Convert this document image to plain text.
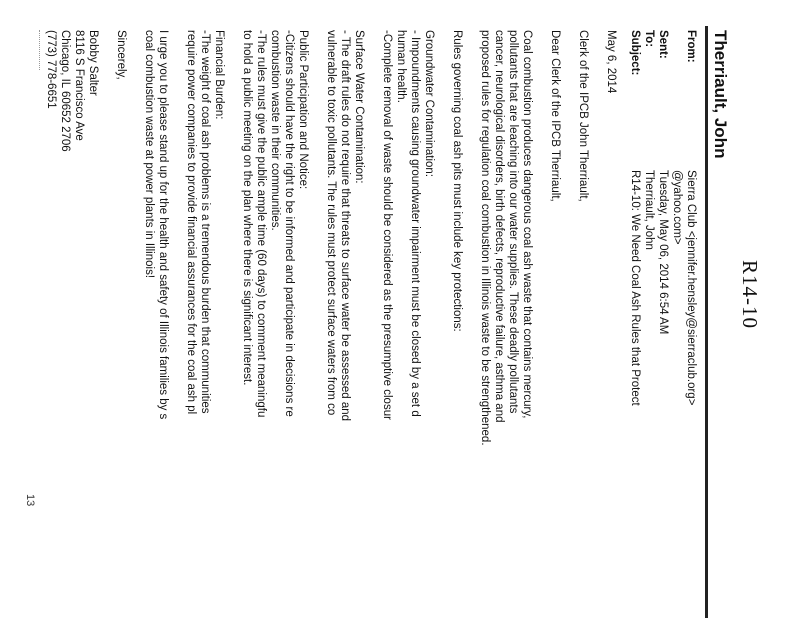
R14-10
Therriault, John
From:
Sierra Club <jennifer.hensley@sierraclub.org>
@yahoo.com>
Sent:
Tuesday, May 06, 2014 6:54 AM
To:
Therriault, John
Subject:
R14-10: We Need Coal Ash Rules that Protect

May 6, 2014

Clerk of the IPCB John Therriault,

Dear Clerk of the IPCB Therriault,

Coal combustion produces dangerous coal ash waste that contains mercury,
pollutants that are leaching into our water supplies. These deadly pollutants
cancer, neurological disorders, birth defects, reproductive failure, asthma and
proposed rules for regulation coal combustion in Illinois waste to be strengthened.

Rules governing coal ash pits must include key protections:

Groundwater Contamination:
- Impoundments causing groundwater impairment must be closed by a set d
human health.
-Complete removal of waste should be considered as the presumptive closur

Surface Water Contamination:
- The draft rules do not require that threats to surface water be assessed and
vulnerable to toxic pollutants. The rules must protect surface waters from co

Public Participation and Notice:
-Citizens should have the right to be informed and participate in decisions re
combustion waste in their communities.
-The rules must give the public ample time (60 days) to comment meaningfu
to hold a public meeting on the plan where there is significant interest.

Financial Burden:
-The weight of coal ash problems is a tremendous burden that communities
require power companies to provide financial assurances for the coal ash pl

I urge you to please stand up for the health and safety of Illinois families by s
coal combustion waste at power plants in Illinois!

Sincerely,

Bobby Salter
8116 S Francisco Ave
Chicago, IL 60652 2706
(773) 778-6651

13
